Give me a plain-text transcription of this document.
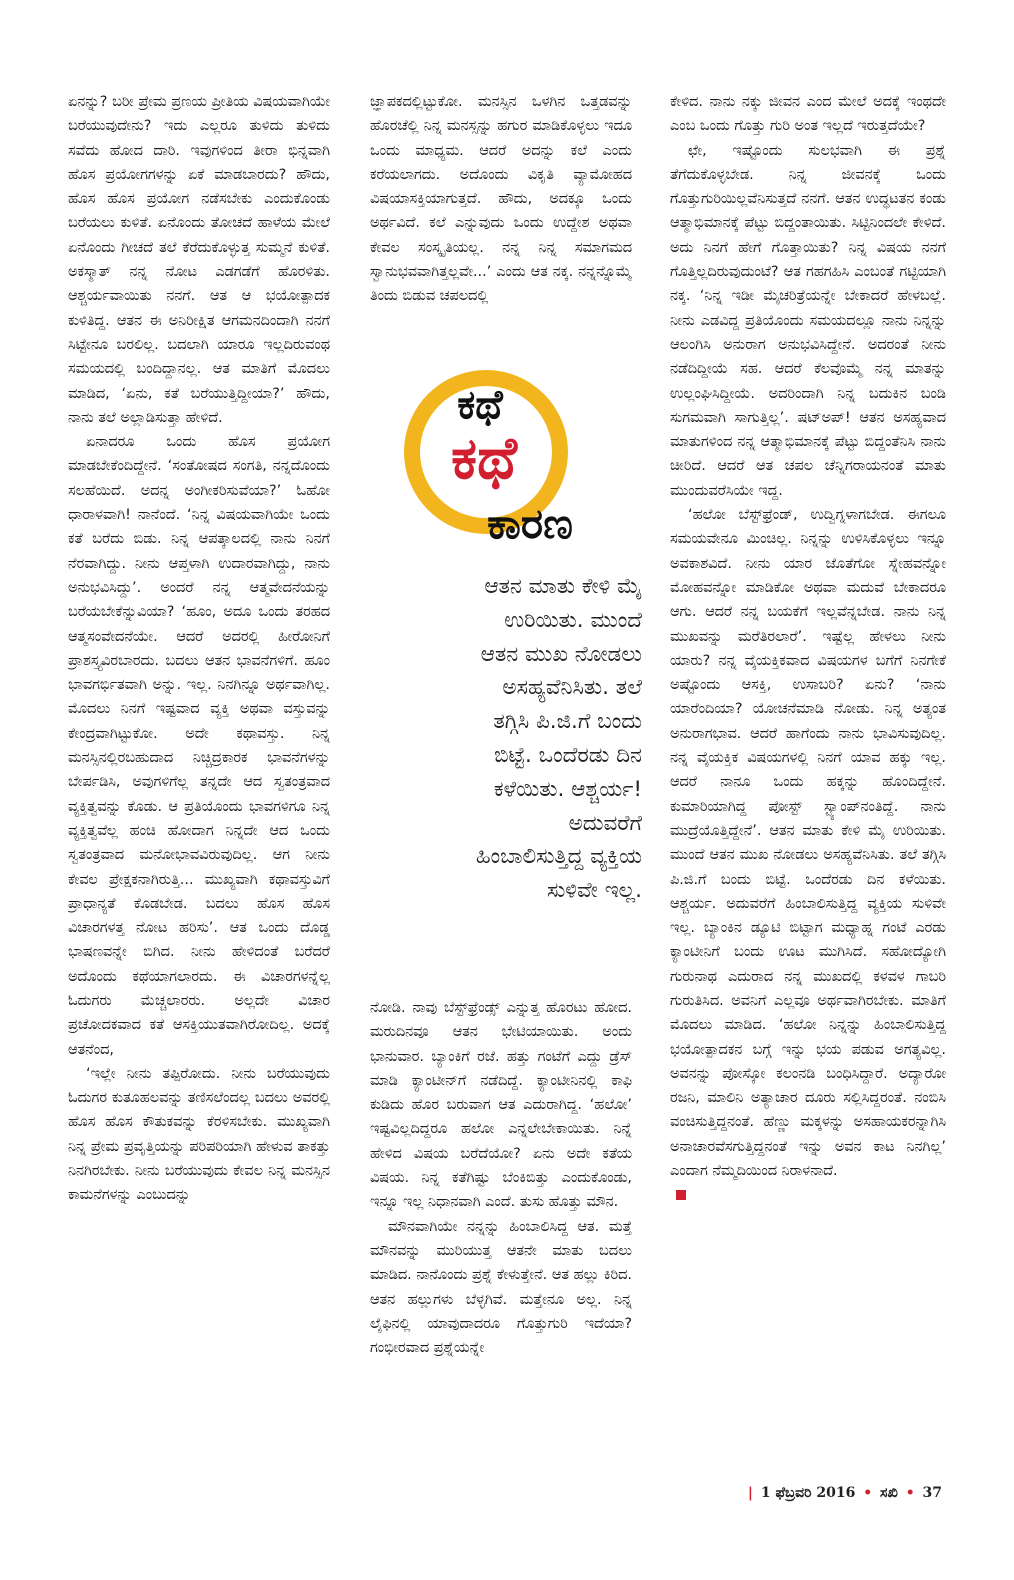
ಏನನ್ನು? ಬರೀ ಪ್ರೇಮ ಪ್ರಣಯ ಪ್ರೀತಿಯ ವಿಷಯವಾಗಿಯೇ ಬರೆಯುವುದೇನು? ಇದು ಎಲ್ಲರೂ ತುಳಿದು ತುಳಿದು ಸವೆದು ಹೋದ ದಾರಿ. ಇವುಗಳಿಂದ ತೀರಾ ಭಿನ್ನವಾಗಿ ಹೊಸ ಪ್ರಯೋಗಗಳನ್ನು ಏಕೆ ಮಾಡಬಾರದು? ಹೌದು, ಹೊಸ ಹೊಸ ಪ್ರಯೋಗ ನಡೆಸಬೇಕು ಎಂದುಕೊಂಡು ಬರೆಯಲು ಕುಳಿತೆ. ಏನೊಂದು ತೋಚದೆ ಹಾಳೆಯ ಮೇಲೆ ಏನೊಂದು ಗೀಚದೆ ತಲೆ ಕೆರೆದುಕೊಳ್ಳುತ್ತ ಸುಮ್ಮನೆ ಕುಳಿತೆ. ಅಕಸ್ಮಾತ್ ನನ್ನ ನೋಟ ಎಡಗಡೆಗೆ ಹೊರಳಿತು. ಆಶ್ಚರ್ಯವಾಯಿತು ನನಗೆ. ಆತ ಆ ಭಯೋತ್ಪಾದಕ ಕುಳಿತಿದ್ದ. ಆತನ ಈ ಅನಿರೀಕ್ಷಿತ ಆಗಮನದಿಂದಾಗಿ ನನಗೆ ಸಿಟ್ಟೇನೂ ಬರಲಿಲ್ಲ. ಬದಲಾಗಿ ಯಾರೂ ಇಲ್ಲದಿರುವಂಥ ಸಮಯದಲ್ಲಿ ಬಂದಿದ್ದಾನಲ್ಲ. ಆತ ಮಾತಿಗೆ ಮೊದಲು ಮಾಡಿದ, ‘ಏನು, ಕತೆ ಬರೆಯುತ್ತಿದ್ದೀಯಾ?’ ಹೌದು, ನಾನು ತಲೆ ಅಲ್ಲಾಡಿಸುತ್ತಾ ಹೇಳಿದೆ.

ಏನಾದರೂ ಒಂದು ಹೊಸ ಪ್ರಯೋಗ ಮಾಡಬೇಕೆಂದಿದ್ದೇನೆ. ‘ಸಂತೋಷದ ಸಂಗತಿ, ನನ್ನದೊಂದು ಸಲಹೆಯಿದೆ. ಅದನ್ನ ಅಂಗೀಕರಿಸುವೆಯಾ?’ ಓಹೋ ಧಾರಾಳವಾಗಿ! ನಾನೆಂದೆ. ‘ನಿನ್ನ ವಿಷಯವಾಗಿಯೇ ಒಂದು ಕತೆ ಬರೆದು ಬಿಡು. ನಿನ್ನ ಆಪತ್ಕಾಲದಲ್ಲಿ ನಾನು ನಿನಗೆ ನೆರವಾಗಿದ್ದು. ನೀನು ಆಪ್ತಳಾಗಿ ಉದಾರವಾಗಿದ್ದು, ನಾನು ಅನುಭವಿಸಿದ್ದು’. ಅಂದರೆ ನನ್ನ ಆತ್ಮವೇದನೆಯನ್ನು ಬರೆಯಬೇಕೆನ್ನುವಿಯಾ? ‘ಹೂಂ, ಅದೂ ಒಂದು ತರಹದ ಆತ್ಮಸಂವೇದನೆಯೇ. ಆದರೆ ಅದರಲ್ಲಿ ಹೀರೋನಿಗೆ ಪ್ರಾಶಸ್ತ್ಯವಿರಬಾರದು. ಬದಲು ಆತನ ಭಾವನೆಗಳಿಗೆ. ಹೂಂ ಭಾವಗರ್ಭಿತವಾಗಿ ಅನ್ನು. ಇಲ್ಲ. ನಿನಗಿನ್ನೂ ಅರ್ಥವಾಗಿಲ್ಲ. ಮೊದಲು ನಿನಗೆ ಇಷ್ಟವಾದ ವ್ಯಕ್ತಿ ಅಥವಾ ವಸ್ತುವನ್ನು ಕೇಂದ್ರವಾಗಿಟ್ಟುಕೋ. ಅದೇ ಕಥಾವಸ್ತು. ನಿನ್ನ ಮನಸ್ಸಿನಲ್ಲಿರಬಹುದಾದ ನಿಚ್ಚಿದ್ರಕಾರಕ ಭಾವನೆಗಳನ್ನು ಬೇರ್ಪಡಿಸಿ, ಅವುಗಳಿಗೆಲ್ಲ ತನ್ನದೇ ಆದ ಸ್ವತಂತ್ರವಾದ ವ್ಯಕ್ತಿತ್ವವನ್ನು ಕೊಡು. ಆ ಪ್ರತಿಯೊಂದು ಭಾವಗಳಿಗೂ ನಿನ್ನ ವ್ಯಕ್ತಿತ್ವವೆಲ್ಲ ಹಂಚಿ ಹೋದಾಗ ನಿನ್ನದೇ ಆದ ಒಂದು ಸ್ವತಂತ್ರವಾದ ಮನೋಭಾವವಿರುವುದಿಲ್ಲ. ಆಗ ನೀನು ಕೇವಲ ಪ್ರೇಕ್ಷಕನಾಗಿರುತ್ತಿ... ಮುಖ್ಯವಾಗಿ ಕಥಾವಸ್ತುವಿಗೆ ಪ್ರಾಧಾನ್ಯತೆ ಕೊಡಬೇಡ. ಬದಲು ಹೊಸ ಹೊಸ ವಿಚಾರಗಳತ್ತ ನೋಟ ಹರಿಸು’. ಆತ ಒಂದು ದೊಡ್ಡ ಭಾಷಣವನ್ನೇ ಬಿಗಿದ. ನೀನು ಹೇಳಿದಂತೆ ಬರೆದರೆ ಅದೊಂದು ಕಥೆಯಾಗಲಾರದು. ಈ ವಿಚಾರಗಳನ್ನೆಲ್ಲ ಓದುಗರು ಮೆಚ್ಚಲಾರರು. ಅಲ್ಲದೇ ವಿಚಾರ ಪ್ರಚೋದಕವಾದ ಕತೆ ಆಸಕ್ತಿಯುತವಾಗಿರೋದಿಲ್ಲ. ಅದಕ್ಕೆ ಆತನೆಂದ,

‘ಇಲ್ಲೇ ನೀನು ತಪ್ಪಿರೋದು. ನೀನು ಬರೆಯುವುದು ಓದುಗರ ಕುತೂಹಲವನ್ನು ತಣಿಸಲೆಂದಲ್ಲ ಬದಲು ಅವರಲ್ಲಿ ಹೊಸ ಹೊಸ ಕೌತುಕವನ್ನು ಕೆರಳಿಸಬೇಕು. ಮುಖ್ಯವಾಗಿ ನಿನ್ನ ಪ್ರೇಮ ಪ್ರವೃತ್ತಿಯನ್ನು ಪರಿಪರಿಯಾಗಿ ಹೇಳುವ ತಾಕತ್ತು ನಿನಗಿರಬೇಕು. ನೀನು ಬರೆಯುವುದು ಕೇವಲ ನಿನ್ನ ಮನಸ್ಸಿನ ಕಾಮನೆಗಳನ್ನು ಎಂಬುದನ್ನು

ಜ್ಞಾಪಕದಲ್ಲಿಟ್ಟುಕೋ. ಮನಸ್ಸಿನ ಒಳಗಿನ ಒತ್ತಡವನ್ನು ಹೊರಚೆಲ್ಲಿ ನಿನ್ನ ಮನಸ್ಸನ್ನು ಹಗುರ ಮಾಡಿಕೊಳ್ಳಲು ಇದೂ ಒಂದು ಮಾಧ್ಯಮ. ಆದರೆ ಅದನ್ನು ಕಲೆ ಎಂದು ಕರೆಯಲಾಗದು. ಅದೊಂದು ವಿಕೃತಿ ವ್ಯಾಮೋಹದ ವಿಷಯಾಸಕ್ತಿಯಾಗುತ್ತದೆ. ಹೌದು, ಅದಕ್ಕೂ ಒಂದು ಅರ್ಥವಿದೆ. ಕಲೆ ಎನ್ನುವುದು ಒಂದು ಉದ್ದೇಶ ಅಥವಾ ಕೇವಲ ಸಂಸ್ಕೃತಿಯಲ್ಲ. ನನ್ನ ನಿನ್ನ ಸಮಾಗಮದ ಸ್ವಾನುಭವವಾಗಿತ್ತಲ್ಲವೇ...’ ಎಂದು ಆತ ನಕ್ಕ. ನನ್ನನ್ನೊಮ್ಮೆ ತಿಂದು ಬಿಡುವ ಚಪಲದಲ್ಲಿ

ಕಥೆ
ಕಥೆ
ಕಾರಣ

ಆತನ ಮಾತು ಕೇಳಿ ಮೈ

ಉರಿಯಿತು. ಮುಂದೆ

ಆತನ ಮುಖ ನೋಡಲು

ಅಸಹ್ಯವೆನಿಸಿತು. ತಲೆ

ತಗ್ಗಿಸಿ ಪಿ.ಜಿ.ಗೆ ಬಂದು

ಬಿಟ್ಟೆ. ಒಂದೆರಡು ದಿನ

ಕಳೆಯಿತು. ಆಶ್ಚರ್ಯ!

ಅದುವರೆಗೆ

ಹಿಂಬಾಲಿಸುತ್ತಿದ್ದ ವ್ಯಕ್ತಿಯ

ಸುಳಿವೇ ಇಲ್ಲ.

ನೋಡಿ. ನಾವು ಬೆಸ್ಟ್‌ಫ್ರೆಂಡ್ಸ್ ಎನ್ನುತ್ತ ಹೊರಟು ಹೋದ. ಮರುದಿನವೂ ಆತನ ಭೇಟಿಯಾಯಿತು. ಅಂದು ಭಾನುವಾರ. ಬ್ಯಾಂಕಿಗೆ ರಜೆ. ಹತ್ತು ಗಂಟೆಗೆ ಎದ್ದು ಡ್ರೆಸ್ ಮಾಡಿ ಕ್ಯಾಂಟೀನ್‌ಗೆ ನಡೆದಿದ್ದೆ. ಕ್ಯಾಂಟೀನಿನಲ್ಲಿ ಕಾಫಿ ಕುಡಿದು ಹೊರ ಬರುವಾಗ ಆತ ಎದುರಾಗಿದ್ದ. ‘ಹಲೋ’ ಇಷ್ಟವಿಲ್ಲದಿದ್ದರೂ ಹಲೋ ಎನ್ನಲೇಬೇಕಾಯಿತು. ನಿನ್ನೆ ಹೇಳಿದ ವಿಷಯ ಬರೆದೆಯೋ? ಏನು ಅದೇ ಕತೆಯ ವಿಷಯ. ನಿನ್ನ ಕತೆಗಿಷ್ಟು ಬೆಂಕಿಬಿತ್ತು ಎಂದುಕೊಂಡು, ಇನ್ನೂ ಇಲ್ಲ ನಿಧಾನವಾಗಿ ಎಂದೆ. ತುಸು ಹೊತ್ತು ಮೌನ.

ಮೌನವಾಗಿಯೇ ನನ್ನನ್ನು ಹಿಂಬಾಲಿಸಿದ್ದ ಆತ. ಮತ್ತೆ ಮೌನವನ್ನು ಮುರಿಯುತ್ತ ಆತನೇ ಮಾತು ಬದಲು ಮಾಡಿದ. ನಾನೊಂದು ಪ್ರಶ್ನೆ ಕೇಳುತ್ತೇನೆ. ಆತ ಹಲ್ಲು ಕಿರಿದ. ಆತನ ಹಲ್ಲುಗಳು ಬೆಳ್ಳಗಿವೆ. ಮತ್ತೇನೂ ಅಲ್ಲ. ನಿನ್ನ ಲೈಫಿನಲ್ಲಿ ಯಾವುದಾದರೂ ಗೊತ್ತುಗುರಿ ಇದೆಯಾ? ಗಂಭೀರವಾದ ಪ್ರಶ್ನೆಯನ್ನೇ

ಕೇಳಿದ. ನಾನು ನಕ್ಕು ಜೀವನ ಎಂದ ಮೇಲೆ ಅದಕ್ಕೆ ಇಂಥದೇ ಎಂಬ ಒಂದು ಗೊತ್ತು ಗುರಿ ಅಂತ ಇಲ್ಲದೆ ಇರುತ್ತದೆಯೇ?

ಛೇ, ಇಷ್ಟೊಂದು ಸುಲಭವಾಗಿ ಈ ಪ್ರಶ್ನೆ ತೆಗೆದುಕೊಳ್ಳಬೇಡ. ನಿನ್ನ ಜೀವನಕ್ಕೆ ಒಂದು ಗೊತ್ತುಗುರಿಯಿಲ್ಲವೆನಿಸುತ್ತದೆ ನನಗೆ. ಆತನ ಉದ್ಧಟತನ ಕಂಡು ಆತ್ಮಾಭಿಮಾನಕ್ಕೆ ಪೆಟ್ಟು ಬಿದ್ದಂತಾಯಿತು. ಸಿಟ್ಟಿನಿಂದಲೇ ಕೇಳಿದೆ. ಅದು ನಿನಗೆ ಹೇಗೆ ಗೊತ್ತಾಯಿತು? ನಿನ್ನ ವಿಷಯ ನನಗೆ ಗೊತ್ತಿಲ್ಲದಿರುವುದುಂಟೆ? ಆತ ಗಹಗಹಿಸಿ ಎಂಬಂತೆ ಗಟ್ಟಿಯಾಗಿ ನಕ್ಕ. ‘ನಿನ್ನ ಇಡೀ ಮೈಚರಿತ್ರೆಯನ್ನೇ ಬೇಕಾದರೆ ಹೇಳಬಲ್ಲೆ. ನೀನು ಎಡವಿದ್ದ ಪ್ರತಿಯೊಂದು ಸಮಯದಲ್ಲೂ ನಾನು ನಿನ್ನನ್ನು ಆಲಂಗಿಸಿ ಅನುರಾಗ ಅನುಭವಿಸಿದ್ದೇನೆ. ಅದರಂತೆ ನೀನು ನಡೆದಿದ್ದೀಯೆ ಸಹ. ಆದರೆ ಕೆಲವೊಮ್ಮೆ ನನ್ನ ಮಾತನ್ನು ಉಲ್ಲಂಘಿಸಿದ್ದೀಯೆ. ಅದರಿಂದಾಗಿ ನಿನ್ನ ಬದುಕಿನ ಬಂಡಿ ಸುಗಮವಾಗಿ ಸಾಗುತ್ತಿಲ್ಲ’. ಷಟ್‌ಅಪ್! ಆತನ ಅಸಹ್ಯವಾದ ಮಾತುಗಳಿಂದ ನನ್ನ ಆತ್ಮಾಭಿಮಾನಕ್ಕೆ ಪೆಟ್ಟು ಬಿದ್ದಂತೆನಿಸಿ ನಾನು ಚೀರಿದೆ. ಆದರೆ ಆತ ಚಪಲ ಚೆನ್ನಿಗರಾಯನಂತೆ ಮಾತು ಮುಂದುವರೆಸಿಯೇ ಇದ್ದ.

‘ಹಲೋ ಬೆಸ್ಟ್‌ಫ್ರೆಂಡ್, ಉದ್ವಿಗ್ನಳಾಗಬೇಡ. ಈಗಲೂ ಸಮಯವೇನೂ ಮಿಂಚಿಲ್ಲ. ನಿನ್ನನ್ನು ಉಳಿಸಿಕೊಳ್ಳಲು ಇನ್ನೂ ಅವಕಾಶವಿದೆ. ನೀನು ಯಾರ ಜೊತೆಗೋ ಸ್ನೇಹವನ್ನೋ ಮೋಹವನ್ನೋ ಮಾಡಿಕೋ ಅಥವಾ ಮದುವೆ ಬೇಕಾದರೂ ಆಗು. ಆದರೆ ನನ್ನ ಬಯಕೆಗೆ ಇಲ್ಲವೆನ್ನಬೇಡ. ನಾನು ನಿನ್ನ ಮುಖವನ್ನು ಮರೆತಿರಲಾರೆ’. ಇಷ್ಟೆಲ್ಲ ಹೇಳಲು ನೀನು ಯಾರು? ನನ್ನ ವೈಯಕ್ತಿಕವಾದ ವಿಷಯಗಳ ಬಗೆಗೆ ನಿನಗೇಕೆ ಅಷ್ಟೊಂದು ಆಸಕ್ತಿ, ಉಸಾಬರಿ? ಏನು? ‘ನಾನು ಯಾರೆಂದಿಯಾ? ಯೋಚನೆಮಾಡಿ ನೋಡು. ನಿನ್ನ ಅತ್ಯಂತ ಅನುರಾಗಭಾವ. ಆದರೆ ಹಾಗೆಂದು ನಾನು ಭಾವಿಸುವುದಿಲ್ಲ. ನನ್ನ ವೈಯಕ್ತಿಕ ವಿಷಯಗಳಲ್ಲಿ ನಿನಗೆ ಯಾವ ಹಕ್ಕು ಇಲ್ಲ. ಆದರೆ ನಾನೂ ಒಂದು ಹಕ್ಕನ್ನು ಹೊಂದಿದ್ದೇನೆ. ಕುಮಾರಿಯಾಗಿದ್ದ ಪೋಸ್ಟ್ ಸ್ಟ್ಯಾಂಪ್‌ನಂತಿದ್ದೆ. ನಾನು ಮುದ್ರೆಯೊತ್ತಿದ್ದೇನೆ’. ಆತನ ಮಾತು ಕೇಳಿ ಮೈ ಉರಿಯಿತು. ಮುಂದೆ ಆತನ ಮುಖ ನೋಡಲು ಅಸಹ್ಯವೆನಿಸಿತು. ತಲೆ ತಗ್ಗಿಸಿ ಪಿ.ಜಿ.ಗೆ ಬಂದು ಬಿಟ್ಟೆ. ಒಂದೆರಡು ದಿನ ಕಳೆಯಿತು. ಆಶ್ಚರ್ಯ. ಅದುವರೆಗೆ ಹಿಂಬಾಲಿಸುತ್ತಿದ್ದ ವ್ಯಕ್ತಿಯ ಸುಳಿವೇ ಇಲ್ಲ. ಬ್ಯಾಂಕಿನ ಡ್ಯೂಟಿ ಬಿಟ್ಟಾಗ ಮಧ್ಯಾಹ್ನ ಗಂಟೆ ಎರಡು ಕ್ಯಾಂಟೀನಿಗೆ ಬಂದು ಊಟ ಮುಗಿಸಿದೆ. ಸಹೋದ್ಯೋಗಿ ಗುರುನಾಥ ಎದುರಾದ ನನ್ನ ಮುಖದಲ್ಲಿ ಕಳವಳ ಗಾಬರಿ ಗುರುತಿಸಿದ. ಅವನಿಗೆ ಎಲ್ಲವೂ ಅರ್ಥವಾಗಿರಬೇಕು. ಮಾತಿಗೆ ಮೊದಲು ಮಾಡಿದ. ‘ಹಲೋ ನಿನ್ನನ್ನು ಹಿಂಬಾಲಿಸುತ್ತಿದ್ದ ಭಯೋತ್ಪಾದಕನ ಬಗ್ಗೆ ಇನ್ನು ಭಯ ಪಡುವ ಅಗತ್ಯವಿಲ್ಲ. ಅವನನ್ನು ಪೋಸ್ಕೋ ಕಲಂನಡಿ ಬಂಧಿಸಿದ್ದಾರೆ. ಅದ್ಯಾರೋ ರಜನಿ, ಮಾಲಿನಿ ಅತ್ಯಾಚಾರ ದೂರು ಸಲ್ಲಿಸಿದ್ದರಂತೆ. ನಂಬಿಸಿ ವಂಚಿಸುತ್ತಿದ್ದನಂತೆ. ಹೆಣ್ಣು ಮಕ್ಕಳನ್ನು ಅಸಹಾಯಕರನ್ನಾಗಿಸಿ ಅನಾಚಾರವೆಸಗುತ್ತಿದ್ದನಂತೆ ಇನ್ನು ಅವನ ಕಾಟ ನಿನಗಿಲ್ಲ’ ಎಂದಾಗ ನೆಮ್ಮದಿಯಿಂದ ನಿರಾಳನಾದೆ.

| 1 ಫೆಬ್ರವರಿ 2016 • ಸಖಿ • 37
